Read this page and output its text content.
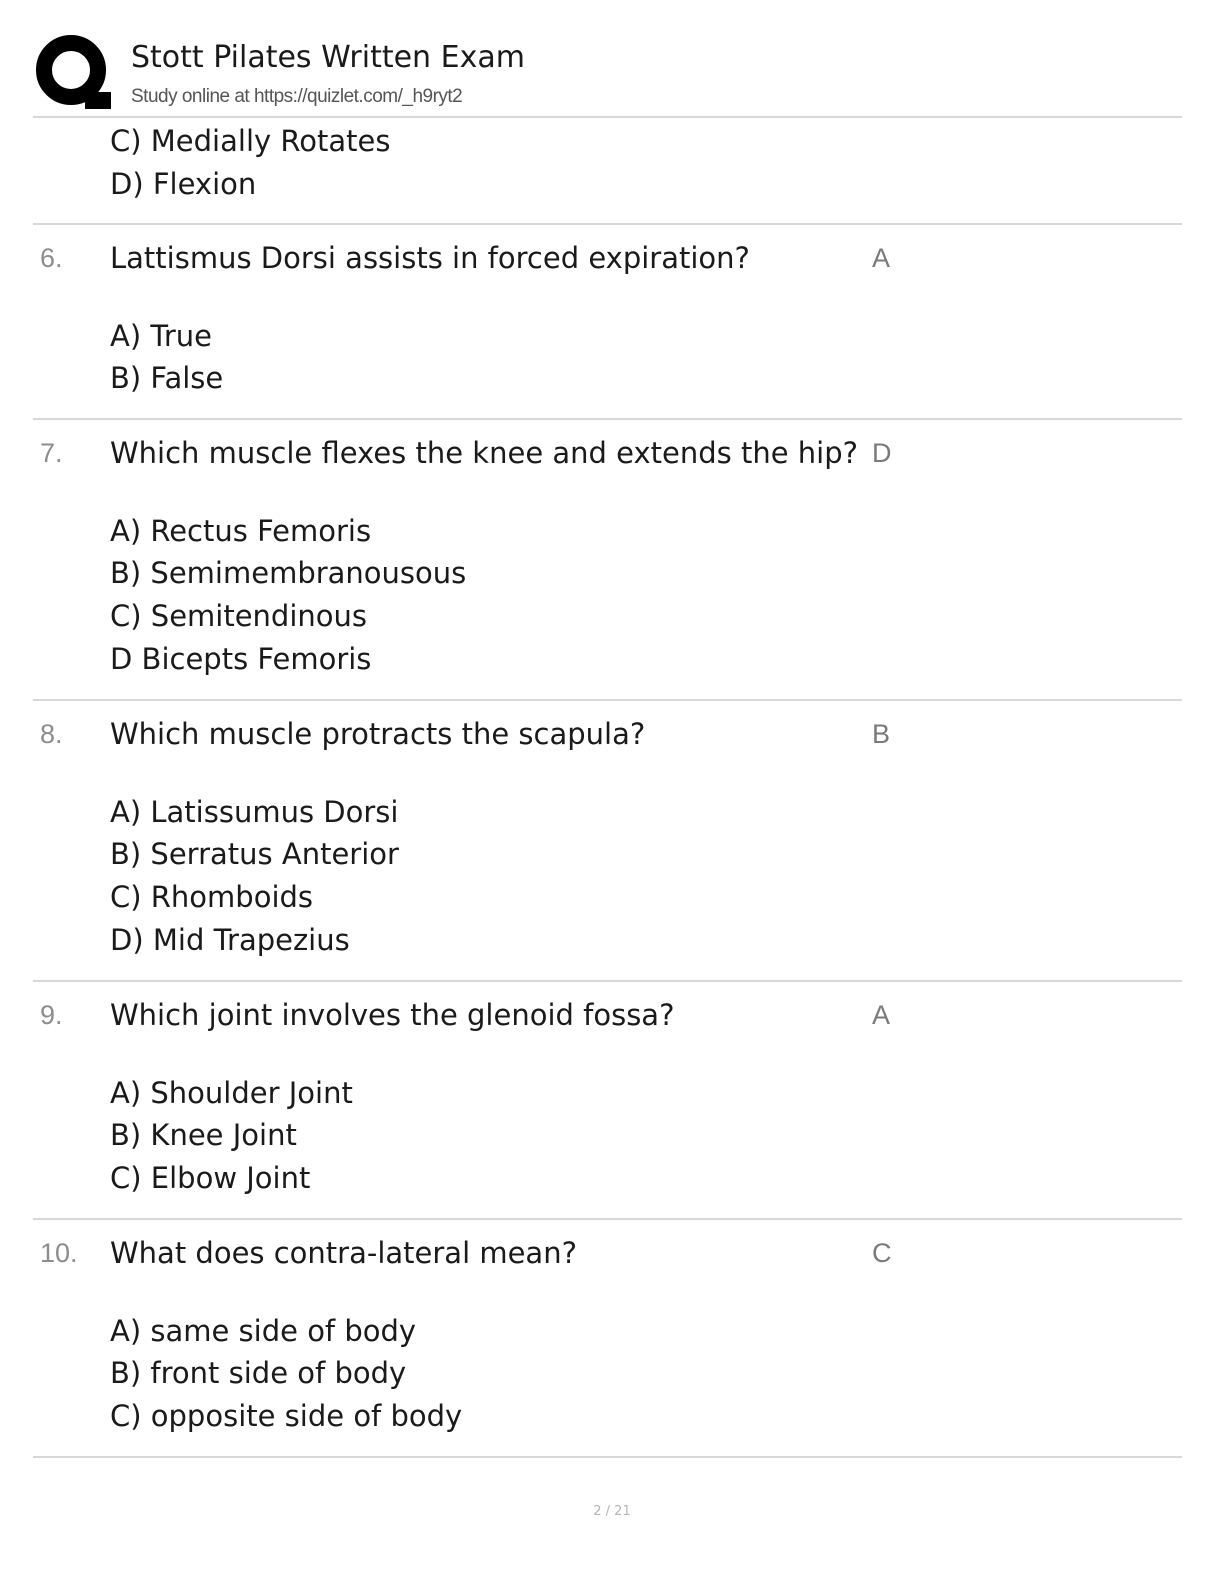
Stott Pilates Written Exam
Study online at https://quizlet.com/_h9ryt2
C) Medially Rotates
D) Flexion
6. Lattismus Dorsi assists in forced expiration?	A
A) True
B) False
7. Which muscle flexes the knee and extends the hip? D
A) Rectus Femoris
B) Semimembranousous
C) Semitendinous
D Bicepts Femoris
8. Which muscle protracts the scapula?	B
A) Latissumus Dorsi
B) Serratus Anterior
C) Rhomboids
D) Mid Trapezius
9. Which joint involves the glenoid fossa?	A
A) Shoulder Joint
B) Knee Joint
C) Elbow Joint
10. What does contra-lateral mean?	C
A) same side of body
B) front side of body
C) opposite side of body
2 / 21
